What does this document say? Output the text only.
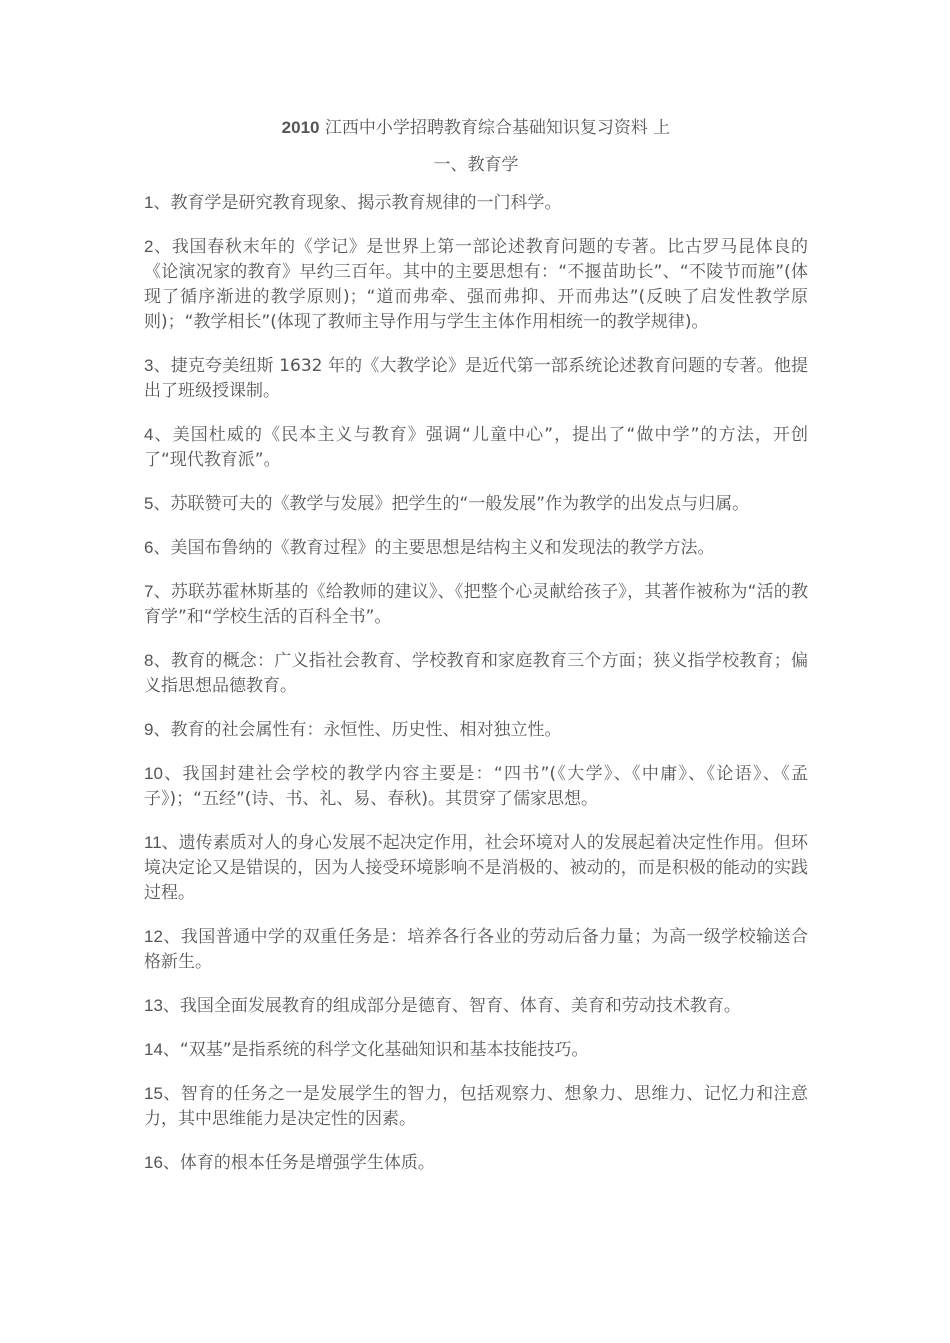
2010 江西中小学招聘教育综合基础知识复习资料 上
一、教育学
1、教育学是研究教育现象、揭示教育规律的一门科学。
2、我国春秋末年的《学记》是世界上第一部论述教育问题的专著。比古罗马昆体良的《论演况家的教育》早约三百年。其中的主要思想有：“不揠苗助长”、“不陵节而施”(体现了循序渐进的教学原则)；“道而弗牵、强而弗抑、开而弗达”(反映了启发性教学原则)；“教学相长”(体现了教师主导作用与学生主体作用相统一的教学规律)。
3、捷克夸美纽斯 1632 年的《大教学论》是近代第一部系统论述教育问题的专著。他提出了班级授课制。
4、美国杜威的《民本主义与教育》强调“儿童中心”，提出了“做中学”的方法，开创了“现代教育派”。
5、苏联赞可夫的《教学与发展》把学生的“一般发展”作为教学的出发点与归属。
6、美国布鲁纳的《教育过程》的主要思想是结构主义和发现法的教学方法。
7、苏联苏霍林斯基的《给教师的建议》、《把整个心灵献给孩子》，其著作被称为“活的教育学”和“学校生活的百科全书”。
8、教育的概念：广义指社会教育、学校教育和家庭教育三个方面；狭义指学校教育；偏义指思想品德教育。
9、教育的社会属性有：永恒性、历史性、相对独立性。
10、我国封建社会学校的教学内容主要是：“四书”(《大学》、《中庸》、《论语》、《孟子》)；“五经”(诗、书、礼、易、春秋)。其贯穿了儒家思想。
11、遗传素质对人的身心发展不起决定作用，社会环境对人的发展起着决定性作用。但环境决定论又是错误的，因为人接受环境影响不是消极的、被动的，而是积极的能动的实践过程。
12、我国普通中学的双重任务是：培养各行各业的劳动后备力量；为高一级学校输送合格新生。
13、我国全面发展教育的组成部分是德育、智育、体育、美育和劳动技术教育。
14、“双基”是指系统的科学文化基础知识和基本技能技巧。
15、智育的任务之一是发展学生的智力，包括观察力、想象力、思维力、记忆力和注意力，其中思维能力是决定性的因素。
16、体育的根本任务是增强学生体质。
